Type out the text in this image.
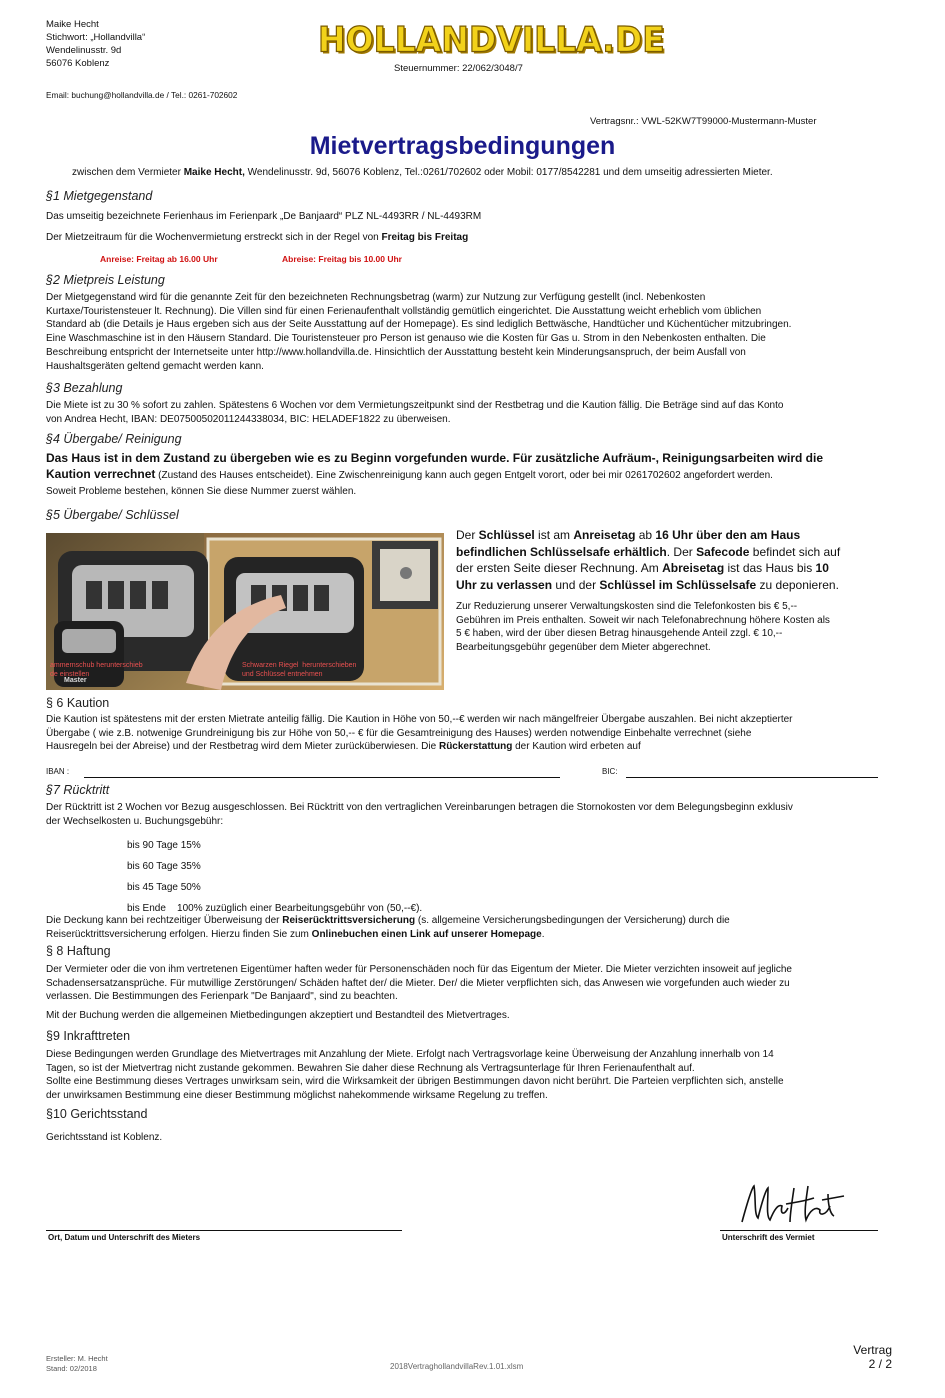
Maike Hecht
Stichwort: „Hollandvilla“
Wendelinusstr. 9d
56076 Koblenz
HOLLANDVILLA.DE
Steuernummer: 22/062/3048/7
Email: buchung@hollandvilla.de / Tel.: 0261-702602
Vertragsnr.: VWL-52KW7T99000-Mustermann-Muster
Mietvertragsbedingungen
zwischen dem Vermieter Maike Hecht, Wendelinusstr. 9d, 56076 Koblenz, Tel.:0261/702602 oder Mobil: 0177/8542281 und dem umseitig adressierten Mieter.
§1 Mietgegenstand
Das umseitig bezeichnete Ferienhaus im Ferienpark „De Banjaard“ PLZ NL-4493RR / NL-4493RM
Der Mietzeitraum für die Wochenvermietung erstreckt sich in der Regel von Freitag bis Freitag
Anreise: Freitag ab 16.00 Uhr	Abreise: Freitag bis 10.00 Uhr
§2 Mietpreis Leistung
Der Mietgegenstand wird für die genannte Zeit für den bezeichneten Rechnungsbetrag (warm) zur Nutzung zur Verfügung gestellt (incl. Nebenkosten
Kurtaxe/Touristensteuer lt. Rechnung). Die Villen sind für einen Ferienaufenthalt vollständig gemütlich eingerichtet. Die Ausstattung weicht erheblich vom üblichen
Standard ab (die Details je Haus ergeben sich aus der Seite Ausstattung auf der Homepage). Es sind lediglich Bettwäsche, Handtücher und Küchentücher mitzubringen.
Eine Waschmaschine ist in den Häusern Standard. Die Touristensteuer pro Person ist genauso wie die Kosten für Gas u. Strom in den Nebenkosten enthalten. Die
Beschreibung entspricht der Internetseite unter http://www.hollandvilla.de. Hinsichtlich der Ausstattung besteht kein Minderungsanspruch, der beim Ausfall von
Haushaltsgeräten geltend gemacht werden kann.
§3 Bezahlung
Die Miete ist zu 30 % sofort zu zahlen. Spätestens 6 Wochen vor dem Vermietungszeitpunkt sind der Restbetrag und die Kaution fällig. Die Beträge sind auf das Konto
von Andrea Hecht, IBAN: DE07500502011244338034, BIC: HELADEF1822 zu überweisen.
§4 Übergabe/ Reinigung
Das Haus ist in dem Zustand zu übergeben wie es zu Beginn vorgefunden wurde. Für zusätzliche Aufräum-, Reinigungsarbeiten wird die
Kaution verrechnet (Zustand des Hauses entscheidet). Eine Zwischenreinigung kann auch gegen Entgelt vorort, oder bei mir 0261702602 angefordert werden.
Soweit Probleme bestehen, können Sie diese Nummer zuerst wählen.
§5 Übergabe/ Schlüssel
ammernschub herunterschieb
de einstellen
Schwarzen Riegel  herunterschieben
und Schlüssel entnehmen
Master
Der Schlüssel ist am Anreisetag ab 16 Uhr über den am Haus
befindlichen Schlüsselsafe erhältlich. Der Safecode befindet sich auf
der ersten Seite dieser Rechnung. Am Abreisetag ist das Haus bis 10
Uhr zu verlassen und der Schlüssel im Schlüsselsafe zu deponieren.
Zur Reduzierung unserer Verwaltungskosten sind die Telefonkosten bis € 5,--
Gebühren im Preis enthalten. Soweit wir nach Telefonabrechnung höhere Kosten als
5 € haben, wird der über diesen Betrag hinausgehende Anteil zzgl. € 10,--
Bearbeitungsgebühr gegenüber dem Mieter abgerechnet.
§ 6 Kaution
Die Kaution ist spätestens mit der ersten Mietrate anteilig fällig. Die Kaution in Höhe von 50,--€ werden wir nach mängelfreier Übergabe auszahlen. Bei nicht akzeptierter
Übergabe ( wie z.B. notwenige Grundreinigung bis zur Höhe von 50,-- € für die Gesamtreinigung des Hauses) werden notwendige Einbehalte verrechnet (siehe
Hausregeln bei der Abreise) und der Restbetrag wird dem Mieter zurücküberwiesen. Die Rückerstattung der Kaution wird erbeten auf
IBAN :	BIC:
§7 Rücktritt
Der Rücktritt ist 2 Wochen vor Bezug ausgeschlossen. Bei Rücktritt von den vertraglichen Vereinbarungen betragen die Stornokosten vor dem Belegungsbeginn exklusiv
der Wechselkosten u. Buchungsgebühr:
bis 90 Tage 15%
bis 60 Tage 35%
bis 45 Tage 50%
bis Ende    100% zuzüglich einer Bearbeitungsgebühr von (50,--€).
Die Deckung kann bei rechtzeitiger Überweisung der Reiserücktrittsversicherung (s. allgemeine Versicherungsbedingungen der Versicherung) durch die
Reiserücktrittsversicherung erfolgen. Hierzu finden Sie zum Onlinebuchen einen Link auf unserer Homepage.
§ 8 Haftung
Der Vermieter oder die von ihm vertretenen Eigentümer haften weder für Personenschäden noch für das Eigentum der Mieter. Die Mieter verzichten insoweit auf jegliche
Schadensersatzansprüche. Für mutwillige Zerstörungen/ Schäden haftet der/ die Mieter. Der/ die Mieter verpflichten sich, das Anwesen wie vorgefunden auch wieder zu
verlassen. Die Bestimmungen des Ferienpark "De Banjaard", sind zu beachten.
Mit der Buchung werden die allgemeinen Mietbedingungen akzeptiert und Bestandteil des Mietvertrages.
§9 Inkrafttreten
Diese Bedingungen werden Grundlage des Mietvertrages mit Anzahlung der Miete. Erfolgt nach Vertragsvorlage keine Überweisung der Anzahlung innerhalb von 14
Tagen, so ist der Mietvertrag nicht zustande gekommen. Bewahren Sie daher diese Rechnung als Vertragsunterlage für Ihren Ferienaufenthalt auf.
Sollte eine Bestimmung dieses Vertrages unwirksam sein, wird die Wirksamkeit der übrigen Bestimmungen davon nicht berührt. Die Parteien verpflichten sich, anstelle
der unwirksamen Bestimmung eine dieser Bestimmung möglichst nahekommende wirksame Regelung zu treffen.
§10 Gerichtsstand
Gerichtsstand ist Koblenz.
Ort, Datum und Unterschrift des Mieters	Unterschrift des Vermiet
Ersteller: M. Hecht
Stand: 02/2018	2018VertraghollandvillaRev.1.01.xlsm
Vertrag
2 / 2
